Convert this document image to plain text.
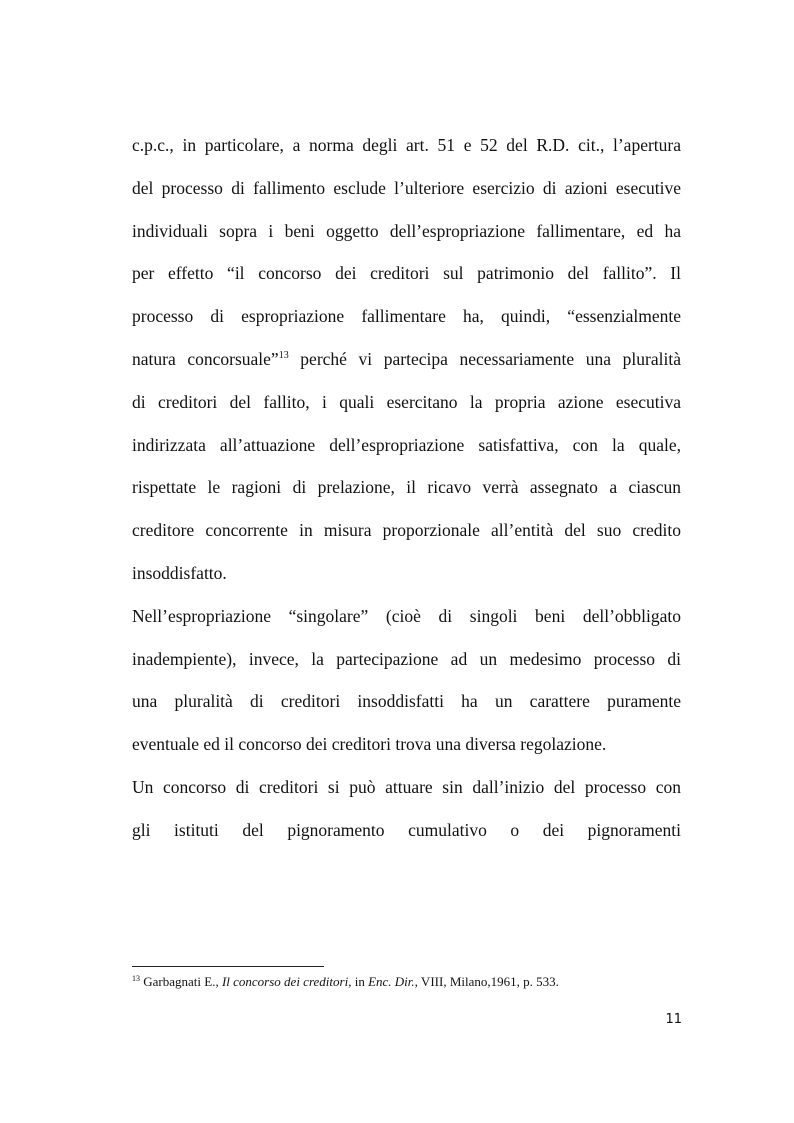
c.p.c., in particolare, a norma degli art. 51 e 52 del R.D. cit., l’apertura
del processo di fallimento esclude l’ulteriore esercizio di azioni esecutive
individuali sopra i beni oggetto dell’espropriazione fallimentare, ed ha
per effetto “il concorso dei creditori sul patrimonio del fallito”. Il
processo di espropriazione fallimentare ha, quindi, “essenzialmente
natura concorsuale”$^{13}$ perché vi partecipa necessariamente una pluralità
di creditori del fallito, i quali esercitano la propria azione esecutiva
indirizzata all’attuazione dell’espropriazione satisfattiva, con la quale,
rispettate le ragioni di prelazione, il ricavo verrà assegnato a ciascun
creditore concorrente in misura proporzionale all’entità del suo credito
insoddisfatto.
Nell’espropriazione “singolare” (cioè di singoli beni dell’obbligato
inadempiente), invece, la partecipazione ad un medesimo processo di
una pluralità di creditori insoddisfatti ha un carattere puramente
eventuale ed il concorso dei creditori trova una diversa regolazione.
Un concorso di creditori si può attuare sin dall’inizio del processo con
gli istituti del pignoramento cumulativo o dei pignoramenti
$^{13}$ Garbagnati E., Il concorso dei creditori, in Enc. Dir., VIII, Milano,1961, p. 533.
11
